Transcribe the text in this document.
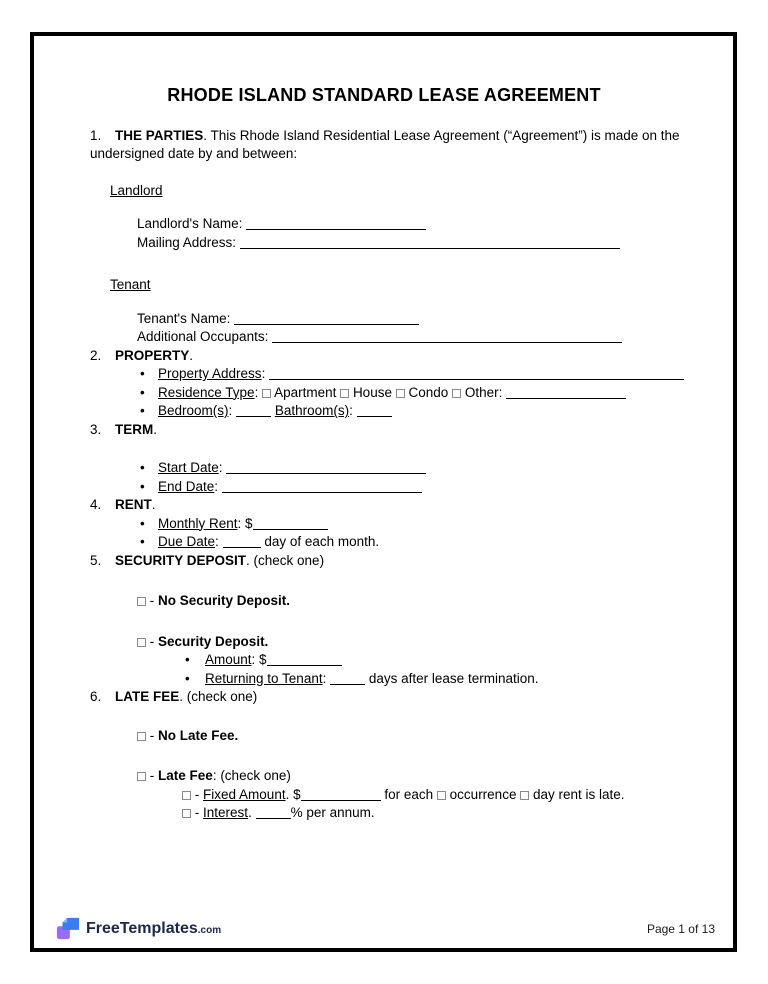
RHODE ISLAND STANDARD LEASE AGREEMENT

1. THE PARTIES. This Rhode Island Residential Lease Agreement (“Agreement”) is made on the undersigned date by and between:

Landlord
Landlord's Name:
Mailing Address:
Tenant
Tenant's Name:
Additional Occupants:
2. PROPERTY.
• Property Address:
• Residence Type: Apartment House Condo Other:
• Bedroom(s):	Bathroom(s):
3. TERM.
• Start Date:
• End Date:
4. RENT.
• Monthly Rent: $
• Due Date:	day of each month.
5. SECURITY DEPOSIT. (check one)
- No Security Deposit.
- Security Deposit.
• Amount: $
• Returning to Tenant:	days after lease termination.
6. LATE FEE. (check one)
- No Late Fee.
- Late Fee: (check one)
- Fixed Amount. $	for each occurrence day rent is late.
- Interest.	% per annum.
FreeTemplates.com	Page 1 of 13
